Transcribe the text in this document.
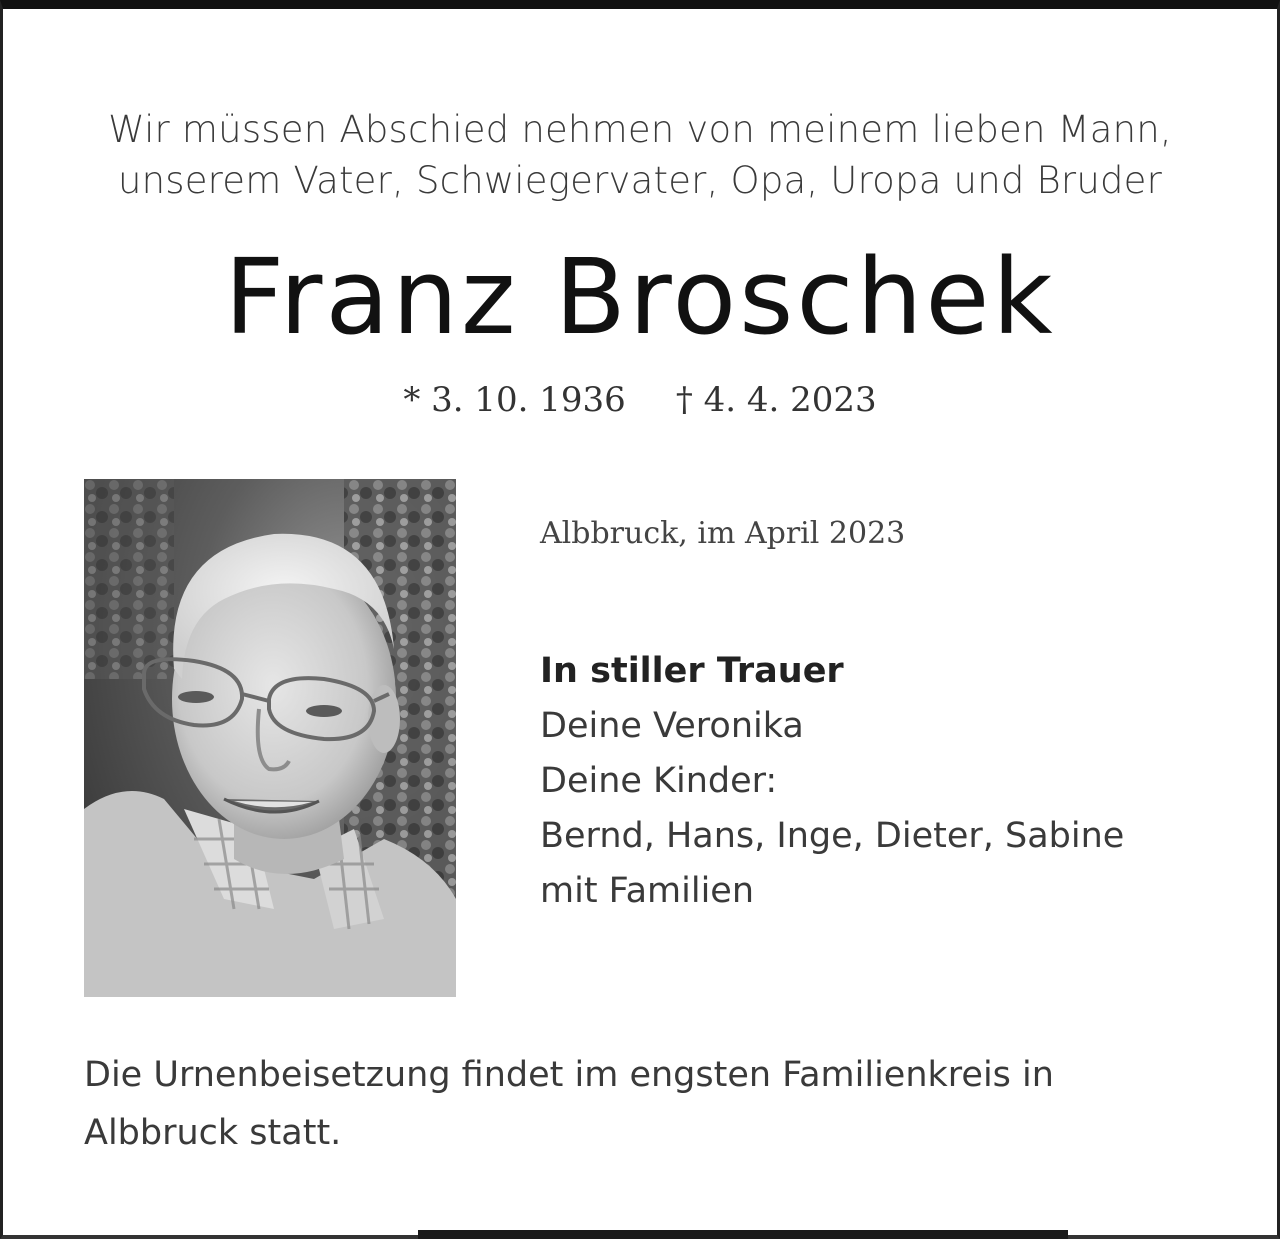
Wir müssen Abschied nehmen von meinem lieben Mann,
unserem Vater, Schwiegervater, Opa, Uropa und Bruder
Franz Broschek
* 3. 10. 1936 † 4. 4. 2023
Albbruck, im April 2023
In stiller Trauer
Deine Veronika
Deine Kinder:
Bernd, Hans, Inge, Dieter, Sabine
mit Familien
Die Urnenbeisetzung findet im engsten Familienkreis in
Albbruck statt.
